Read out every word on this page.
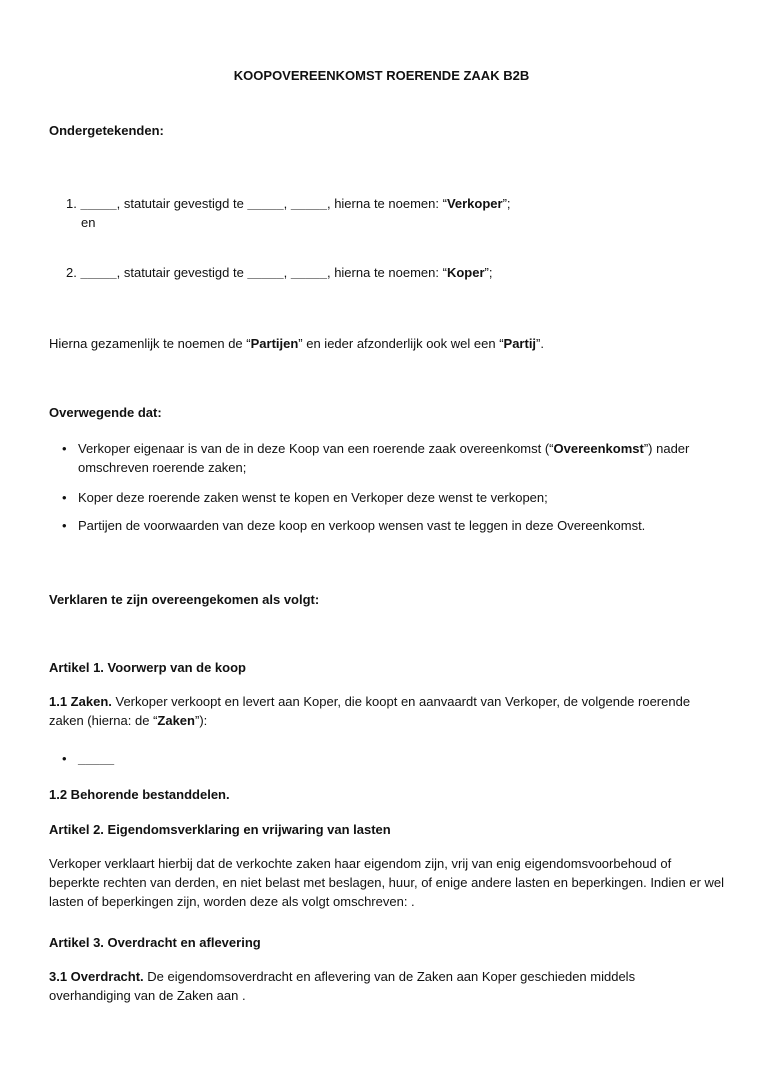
KOOPOVEREENKOMST ROERENDE ZAAK B2B
Ondergetekenden:
1. _____, statutair gevestigd te _____, _____, hierna te noemen: “Verkoper”;
en
2. _____, statutair gevestigd te _____, _____, hierna te noemen: “Koper”;
Hierna gezamenlijk te noemen de “Partijen” en ieder afzonderlijk ook wel een “Partij”.
Overwegende dat:
• Verkoper eigenaar is van de in deze Koop van een roerende zaak overeenkomst (“Overeenkomst”) nader omschreven roerende zaken;
• Koper deze roerende zaken wenst te kopen en Verkoper deze wenst te verkopen;
• Partijen de voorwaarden van deze koop en verkoop wensen vast te leggen in deze Overeenkomst.
Verklaren te zijn overeengekomen als volgt:
Artikel 1. Voorwerp van de koop
1.1 Zaken. Verkoper verkoopt en levert aan Koper, die koopt en aanvaardt van Verkoper, de volgende roerende zaken (hierna: de “Zaken”):
• _____
1.2 Behorende bestanddelen.
Artikel 2. Eigendomsverklaring en vrijwaring van lasten
Verkoper verklaart hierbij dat de verkochte zaken haar eigendom zijn, vrij van enig eigendomsvoorbehoud of beperkte rechten van derden, en niet belast met beslagen, huur, of enige andere lasten en beperkingen. Indien er wel lasten of beperkingen zijn, worden deze als volgt omschreven: .
Artikel 3. Overdracht en aflevering
3.1 Overdracht. De eigendomsoverdracht en aflevering van de Zaken aan Koper geschieden middels overhandiging van de Zaken aan .
